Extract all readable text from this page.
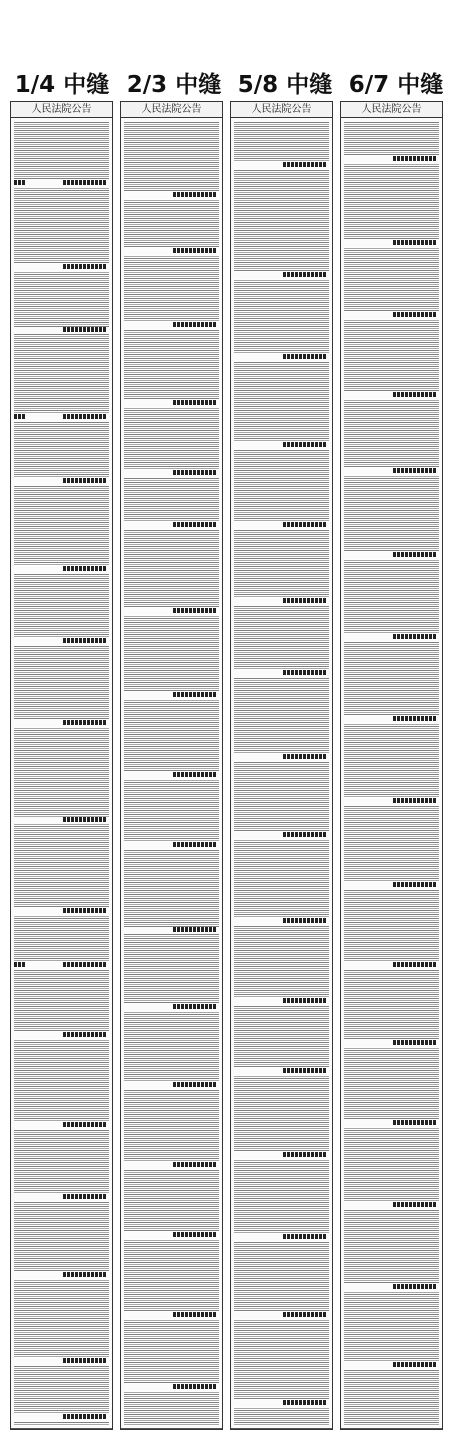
1/4 中缝 2/3 中缝 5/8 中缝 6/7 中缝
人民法院公告	人民法院公告	人民法院公告	人民法院公告
